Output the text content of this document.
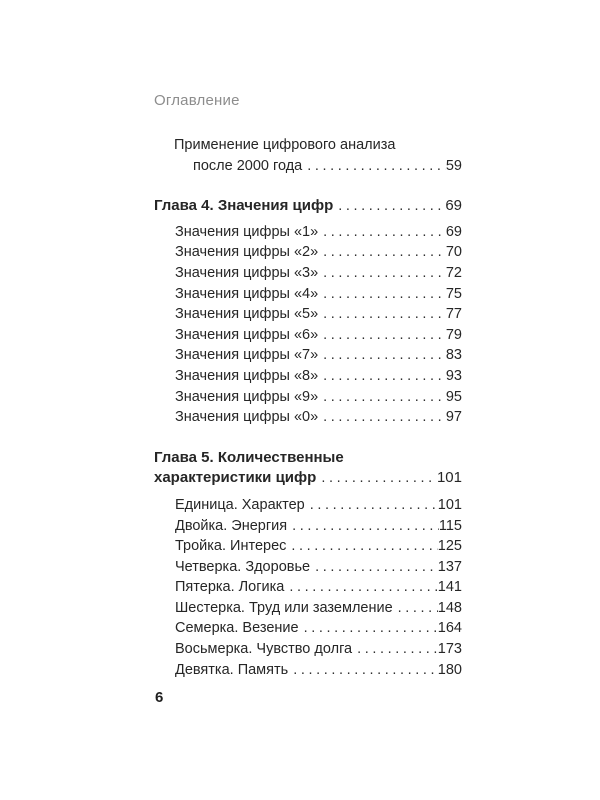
Оглавление
Применение цифрового анализа
после 2000 года .....	59
Глава 4. Значения цифр .....	69
Значения цифры «1» .....	69
Значения цифры «2» .....	70
Значения цифры «3» .....	72
Значения цифры «4» .....	75
Значения цифры «5» .....	77
Значения цифры «6» .....	79
Значения цифры «7» .....	83
Значения цифры «8» .....	93
Значения цифры «9» .....	95
Значения цифры «0» .....	97
Глава 5. Количественные
характеристики цифр .....	101
Единица. Характер .....	101
Двойка. Энергия .....	115
Тройка. Интерес .....	125
Четверка. Здоровье .....	137
Пятерка. Логика .....	141
Шестерка. Труд или заземление .....	148
Семерка. Везение .....	164
Восьмерка. Чувство долга .....	173
Девятка. Память .....	180
6
